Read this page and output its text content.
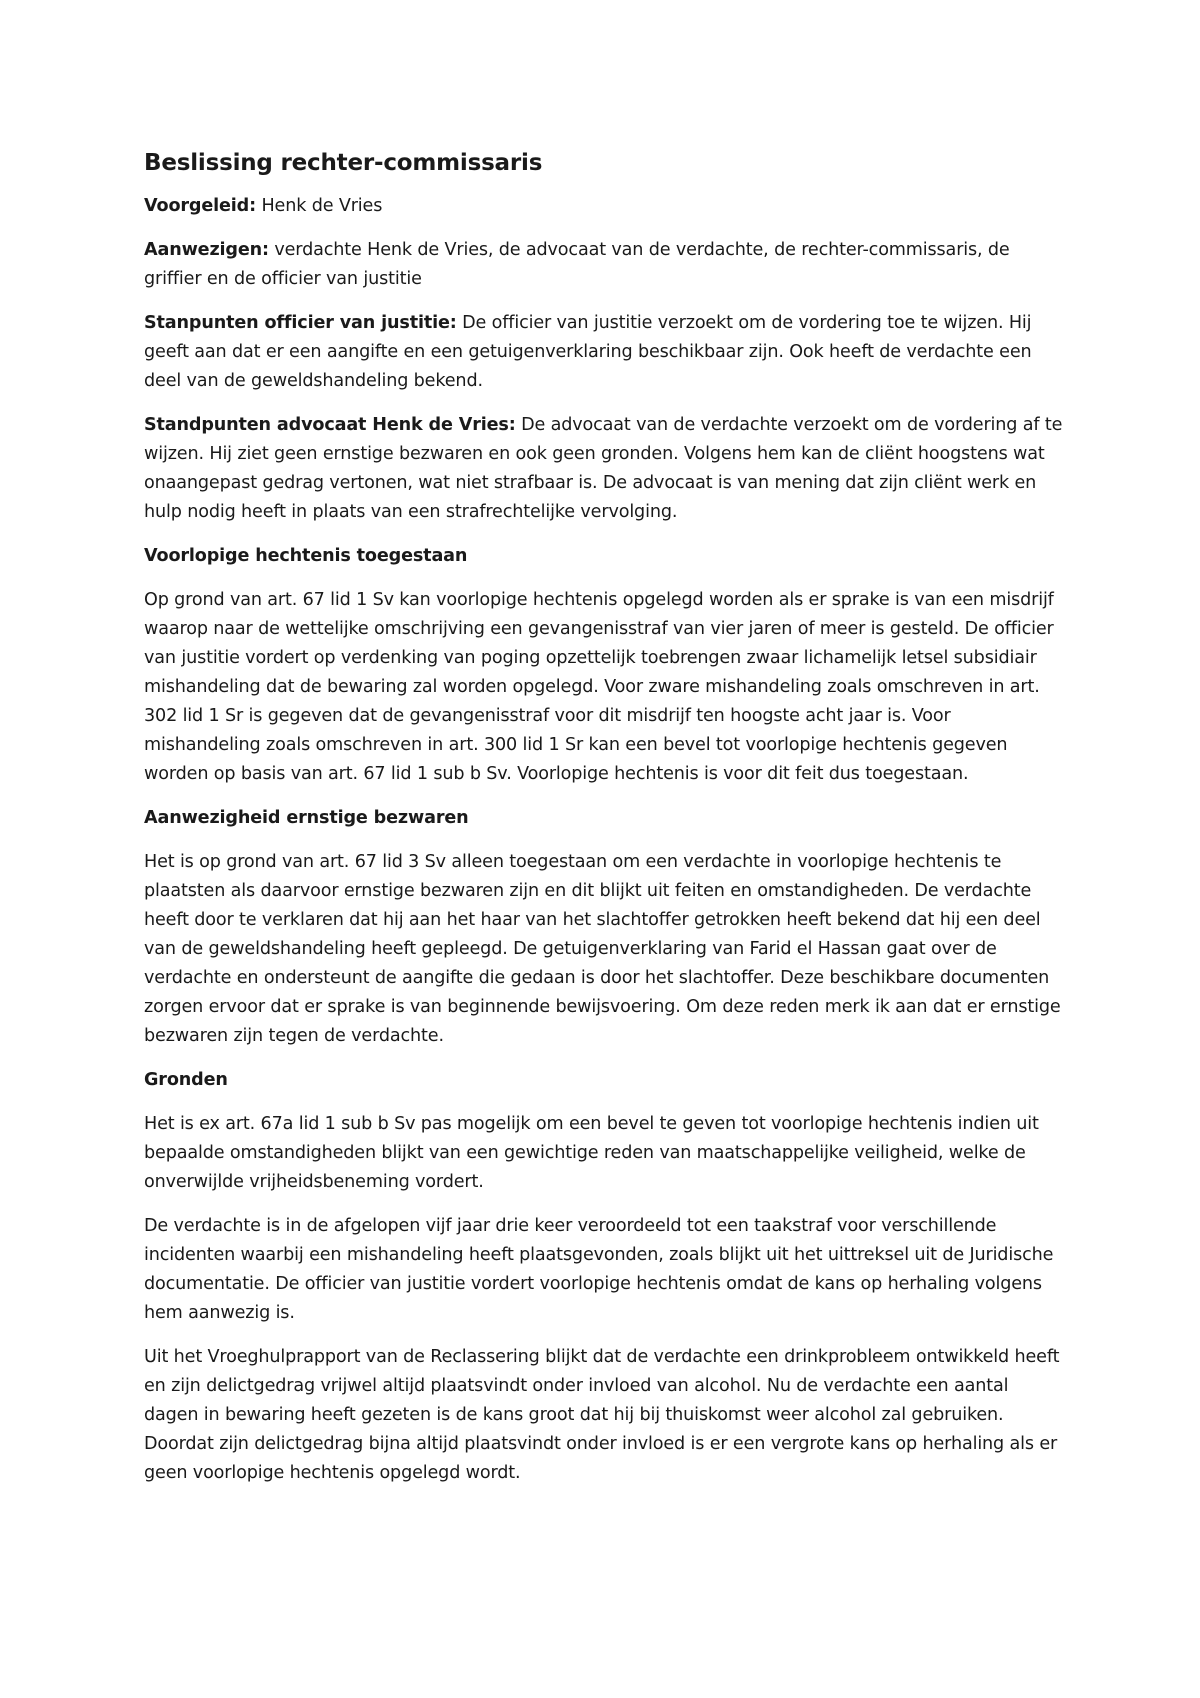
Beslissing rechter-commissaris

Voorgeleid: Henk de Vries

Aanwezigen: verdachte Henk de Vries, de advocaat van de verdachte, de rechter-commissaris, de griffier en de officier van justitie

Stanpunten officier van justitie: De officier van justitie verzoekt om de vordering toe te wijzen. Hij geeft aan dat er een aangifte en een getuigenverklaring beschikbaar zijn. Ook heeft de verdachte een deel van de geweldshandeling bekend.

Standpunten advocaat Henk de Vries: De advocaat van de verdachte verzoekt om de vordering af te wijzen. Hij ziet geen ernstige bezwaren en ook geen gronden. Volgens hem kan de cliënt hoogstens wat onaangepast gedrag vertonen, wat niet strafbaar is. De advocaat is van mening dat zijn cliënt werk en hulp nodig heeft in plaats van een strafrechtelijke vervolging.

Voorlopige hechtenis toegestaan

Op grond van art. 67 lid 1 Sv kan voorlopige hechtenis opgelegd worden als er sprake is van een misdrijf waarop naar de wettelijke omschrijving een gevangenisstraf van vier jaren of meer is gesteld. De officier van justitie vordert op verdenking van poging opzettelijk toebrengen zwaar lichamelijk letsel subsidiair mishandeling dat de bewaring zal worden opgelegd. Voor zware mishandeling zoals omschreven in art. 302 lid 1 Sr is gegeven dat de gevangenisstraf voor dit misdrijf ten hoogste acht jaar is. Voor mishandeling zoals omschreven in art. 300 lid 1 Sr kan een bevel tot voorlopige hechtenis gegeven worden op basis van art. 67 lid 1 sub b Sv. Voorlopige hechtenis is voor dit feit dus toegestaan.

Aanwezigheid ernstige bezwaren

Het is op grond van art. 67 lid 3 Sv alleen toegestaan om een verdachte in voorlopige hechtenis te plaatsten als daarvoor ernstige bezwaren zijn en dit blijkt uit feiten en omstandigheden. De verdachte heeft door te verklaren dat hij aan het haar van het slachtoffer getrokken heeft bekend dat hij een deel van de geweldshandeling heeft gepleegd. De getuigenverklaring van Farid el Hassan gaat over de verdachte en ondersteunt de aangifte die gedaan is door het slachtoffer. Deze beschikbare documenten zorgen ervoor dat er sprake is van beginnende bewijsvoering. Om deze reden merk ik aan dat er ernstige bezwaren zijn tegen de verdachte.

Gronden

Het is ex art. 67a lid 1 sub b Sv pas mogelijk om een bevel te geven tot voorlopige hechtenis indien uit bepaalde omstandigheden blijkt van een gewichtige reden van maatschappelijke veiligheid, welke de onverwijlde vrijheidsbeneming vordert.

De verdachte is in de afgelopen vijf jaar drie keer veroordeeld tot een taakstraf voor verschillende incidenten waarbij een mishandeling heeft plaatsgevonden, zoals blijkt uit het uittreksel uit de Juridische documentatie. De officier van justitie vordert voorlopige hechtenis omdat de kans op herhaling volgens hem aanwezig is.

Uit het Vroeghulprapport van de Reclassering blijkt dat de verdachte een drinkprobleem ontwikkeld heeft en zijn delictgedrag vrijwel altijd plaatsvindt onder invloed van alcohol. Nu de verdachte een aantal dagen in bewaring heeft gezeten is de kans groot dat hij bij thuiskomst weer alcohol zal gebruiken. Doordat zijn delictgedrag bijna altijd plaatsvindt onder invloed is er een vergrote kans op herhaling als er geen voorlopige hechtenis opgelegd wordt.
